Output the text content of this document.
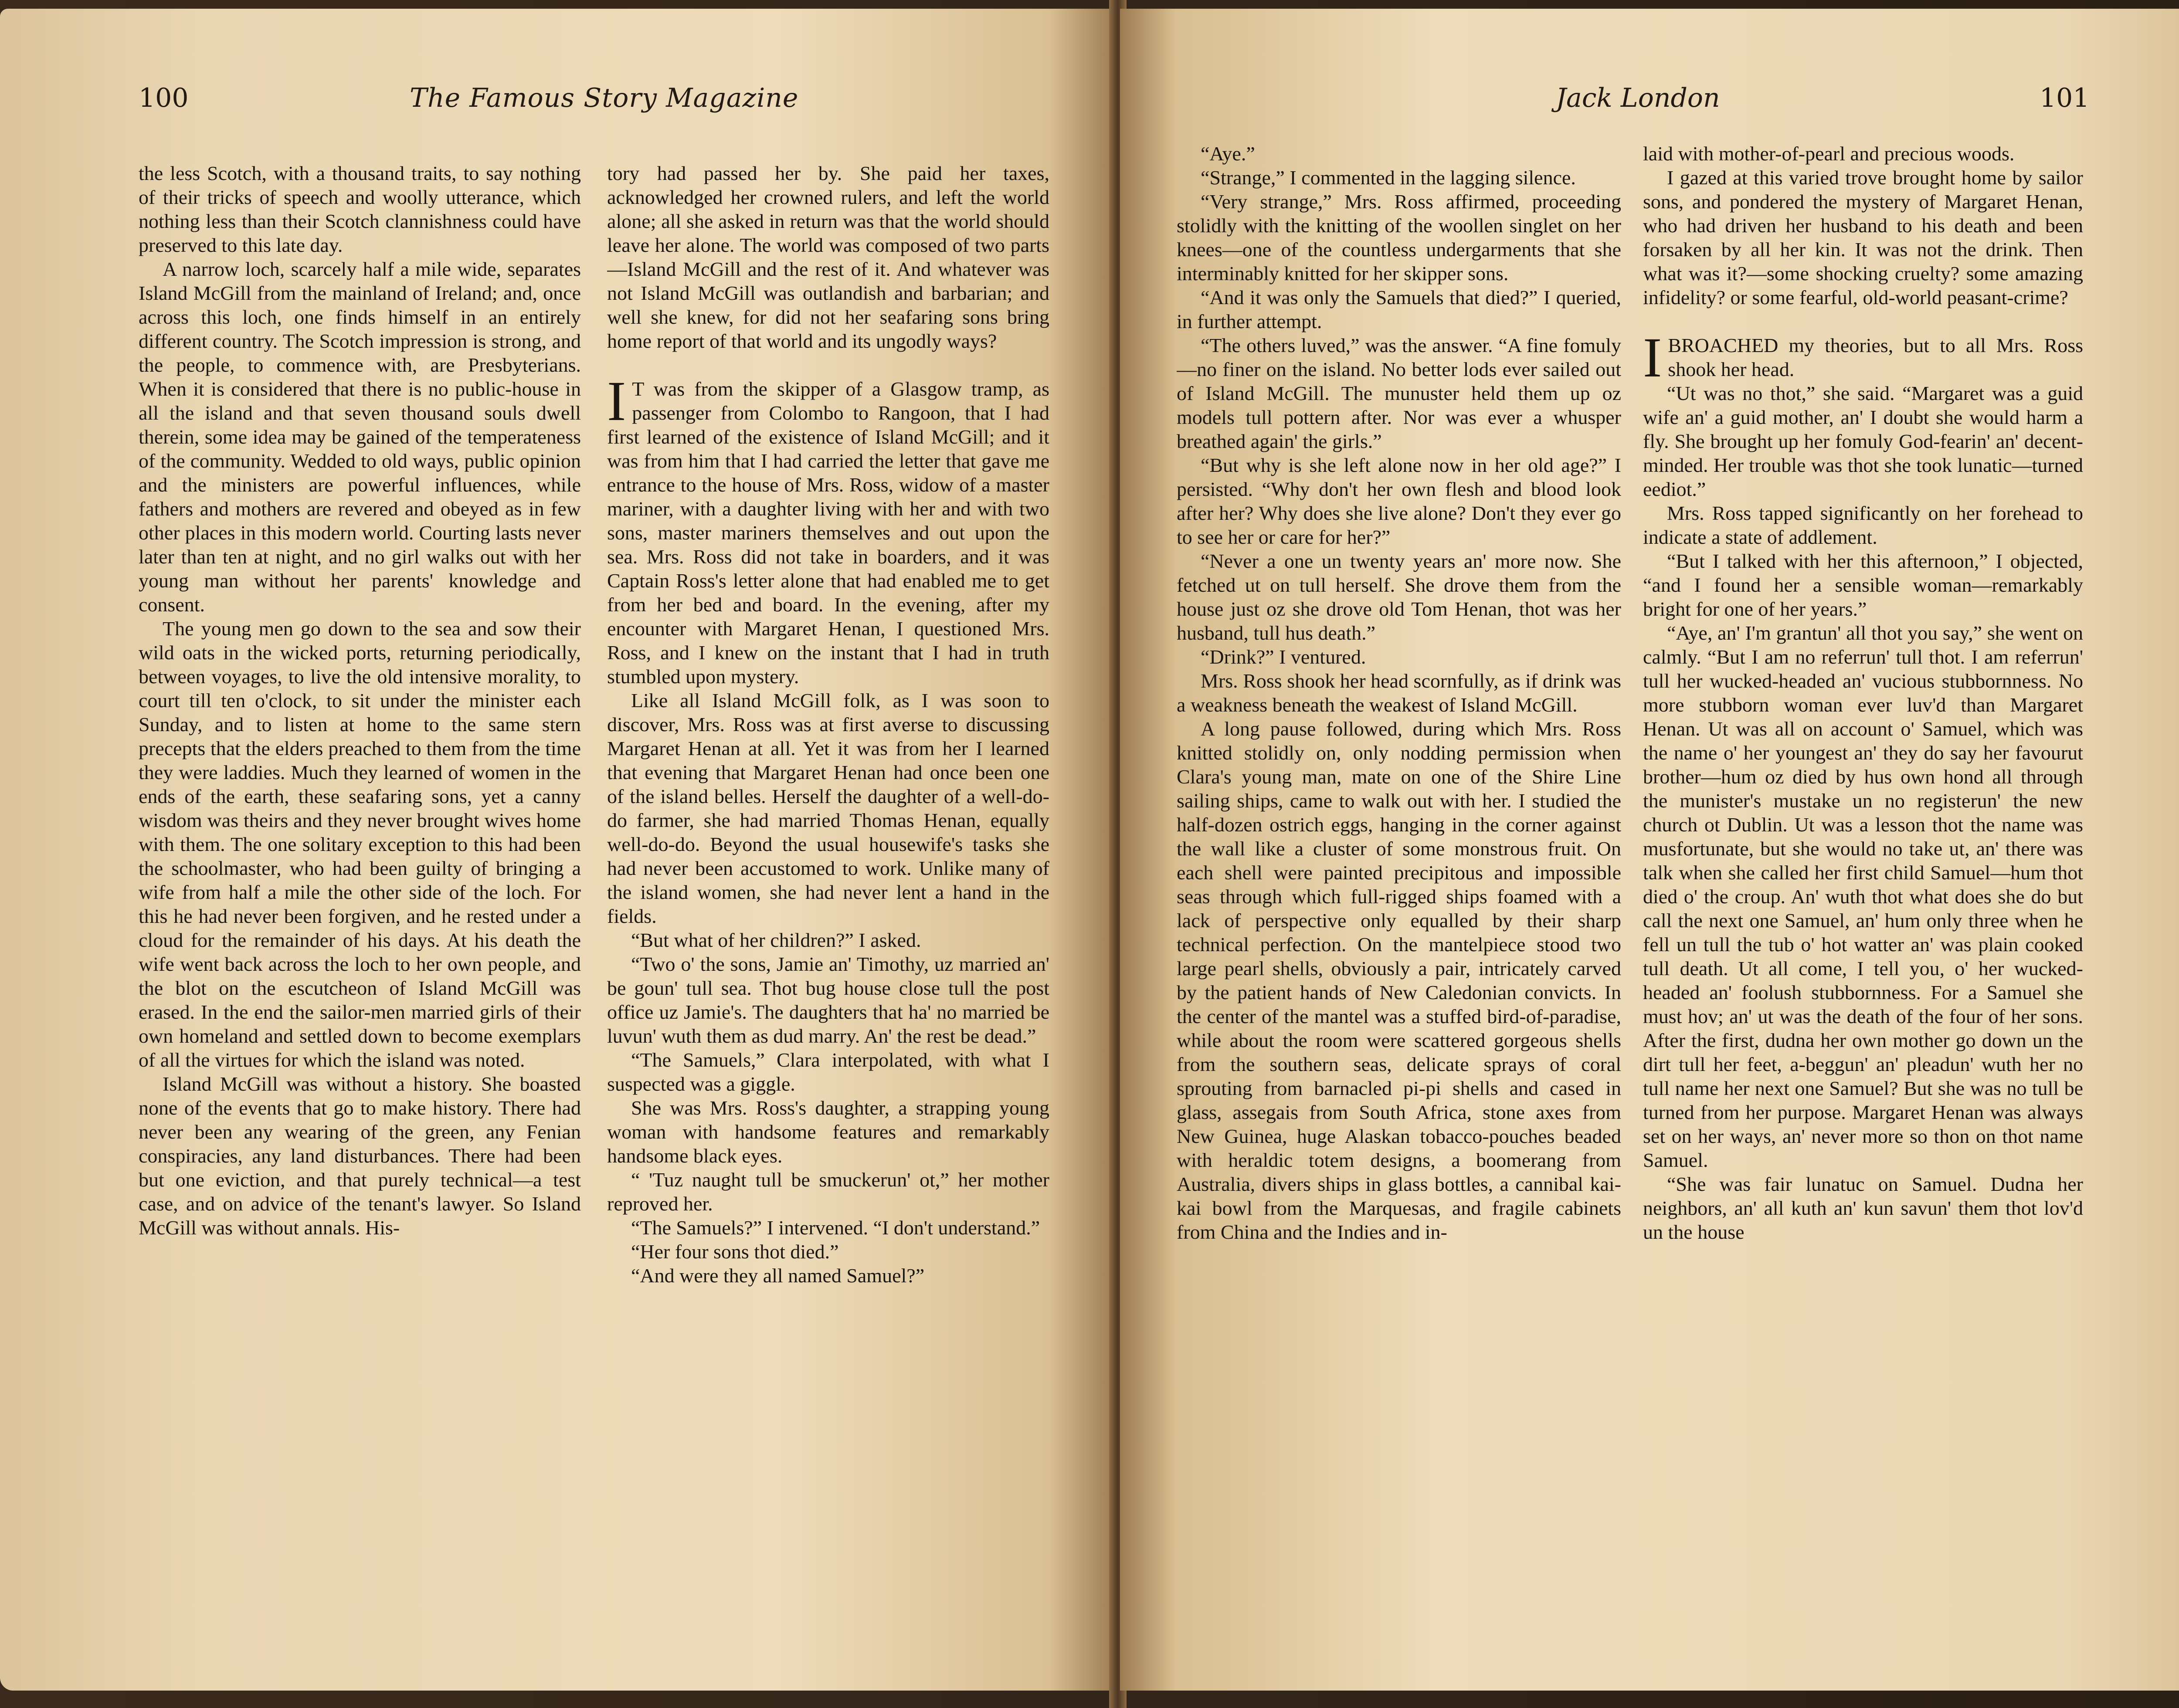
100	The Famous Story Magazine

the less Scotch, with a thousand traits, to say nothing of their tricks of speech and woolly utterance, which nothing less than their Scotch clannishness could have preserved to this late day.

A narrow loch, scarcely half a mile wide, separates Island McGill from the mainland of Ireland; and, once across this loch, one finds himself in an entirely different country. The Scotch impression is strong, and the people, to commence with, are Presbyterians. When it is considered that there is no public-house in all the island and that seven thousand souls dwell therein, some idea may be gained of the temperateness of the community. Wedded to old ways, public opinion and the ministers are powerful influences, while fathers and mothers are revered and obeyed as in few other places in this modern world. Courting lasts never later than ten at night, and no girl walks out with her young man without her parents' knowledge and consent.

The young men go down to the sea and sow their wild oats in the wicked ports, returning periodically, between voyages, to live the old intensive morality, to court till ten o'clock, to sit under the minister each Sunday, and to listen at home to the same stern precepts that the elders preached to them from the time they were laddies. Much they learned of women in the ends of the earth, these seafaring sons, yet a canny wisdom was theirs and they never brought wives home with them. The one solitary exception to this had been the schoolmaster, who had been guilty of bringing a wife from half a mile the other side of the loch. For this he had never been forgiven, and he rested under a cloud for the remainder of his days. At his death the wife went back across the loch to her own people, and the blot on the escutcheon of Island McGill was erased. In the end the sailor-men married girls of their own homeland and settled down to become exemplars of all the virtues for which the island was noted.

Island McGill was without a history. She boasted none of the events that go to make history. There had never been any wearing of the green, any Fenian conspiracies, any land disturbances. There had been but one eviction, and that purely technical—a test case, and on advice of the tenant's lawyer. So Island McGill was without annals. His-

tory had passed her by. She paid her taxes, acknowledged her crowned rulers, and left the world alone; all she asked in return was that the world should leave her alone. The world was composed of two parts—Island McGill and the rest of it. And whatever was not Island McGill was outlandish and barbarian; and well she knew, for did not her seafaring sons bring home report of that world and its ungodly ways?

I T was from the skipper of a Glasgow tramp, as passenger from Colombo to Rangoon, that I had first learned of the existence of Island McGill; and it was from him that I had carried the letter that gave me entrance to the house of Mrs. Ross, widow of a master mariner, with a daughter living with her and with two sons, master mariners themselves and out upon the sea. Mrs. Ross did not take in boarders, and it was Captain Ross's letter alone that had enabled me to get from her bed and board. In the evening, after my encounter with Margaret Henan, I questioned Mrs. Ross, and I knew on the instant that I had in truth stumbled upon mystery.

Like all Island McGill folk, as I was soon to discover, Mrs. Ross was at first averse to discussing Margaret Henan at all. Yet it was from her I learned that evening that Margaret Henan had once been one of the island belles. Herself the daughter of a well-do-do farmer, she had married Thomas Henan, equally well-do-do. Beyond the usual housewife's tasks she had never been accustomed to work. Unlike many of the island women, she had never lent a hand in the fields.

“But what of her children?” I asked.

“Two o' the sons, Jamie an' Timothy, uz married an' be goun' tull sea. Thot bug house close tull the post office uz Jamie's. The daughters that ha' no married be luvun' wuth them as dud marry. An' the rest be dead.”

“The Samuels,” Clara interpolated, with what I suspected was a giggle.

She was Mrs. Ross's daughter, a strapping young woman with handsome features and remarkably handsome black eyes.

“ 'Tuz naught tull be smuckerun' ot,” her mother reproved her.

“The Samuels?” I intervened. “I don't understand.”

“Her four sons thot died.”

“And were they all named Samuel?”

Jack London	101

“Aye.”

“Strange,” I commented in the lagging silence.

“Very strange,” Mrs. Ross affirmed, proceeding stolidly with the knitting of the woollen singlet on her knees—one of the countless undergarments that she interminably knitted for her skipper sons.

“And it was only the Samuels that died?” I queried, in further attempt.

“The others luved,” was the answer. “A fine fomuly—no finer on the island. No better lods ever sailed out of Island McGill. The munuster held them up oz models tull pottern after. Nor was ever a whusper breathed again' the girls.”

“But why is she left alone now in her old age?” I persisted. “Why don't her own flesh and blood look after her? Why does she live alone? Don't they ever go to see her or care for her?”

“Never a one un twenty years an' more now. She fetched ut on tull herself. She drove them from the house just oz she drove old Tom Henan, thot was her husband, tull hus death.”

“Drink?” I ventured.

Mrs. Ross shook her head scornfully, as if drink was a weakness beneath the weakest of Island McGill.

A long pause followed, during which Mrs. Ross knitted stolidly on, only nodding permission when Clara's young man, mate on one of the Shire Line sailing ships, came to walk out with her. I studied the half-dozen ostrich eggs, hanging in the corner against the wall like a cluster of some monstrous fruit. On each shell were painted precipitous and impossible seas through which full-rigged ships foamed with a lack of perspective only equalled by their sharp technical perfection. On the mantelpiece stood two large pearl shells, obviously a pair, intricately carved by the patient hands of New Caledonian convicts. In the center of the mantel was a stuffed bird-of-paradise, while about the room were scattered gorgeous shells from the southern seas, delicate sprays of coral sprouting from barnacled pi-pi shells and cased in glass, assegais from South Africa, stone axes from New Guinea, huge Alaskan tobacco-pouches beaded with heraldic totem designs, a boomerang from Australia, divers ships in glass bottles, a cannibal kai-kai bowl from the Marquesas, and fragile cabinets from China and the Indies and in-

laid with mother-of-pearl and precious woods.

I gazed at this varied trove brought home by sailor sons, and pondered the mystery of Margaret Henan, who had driven her husband to his death and been forsaken by all her kin. It was not the drink. Then what was it?—some shocking cruelty? some amazing infidelity? or some fearful, old-world peasant-crime?

IBROACHED my theories, but to all Mrs. Ross shook her head.

“Ut was no thot,” she said. “Margaret was a guid wife an' a guid mother, an' I doubt she would harm a fly. She brought up her fomuly God-fearin' an' decent-minded. Her trouble was thot she took lunatic—turned eediot.”

Mrs. Ross tapped significantly on her forehead to indicate a state of addlement.

“But I talked with her this afternoon,” I objected, “and I found her a sensible woman—remarkably bright for one of her years.”

“Aye, an' I'm grantun' all thot you say,” she went on calmly. “But I am no referrun' tull thot. I am referrun' tull her wucked-headed an' vucious stubbornness. No more stubborn woman ever luv'd than Margaret Henan. Ut was all on account o' Samuel, which was the name o' her youngest an' they do say her favourut brother—hum oz died by hus own hond all through the munister's mustake un no registerun' the new church ot Dublin. Ut was a lesson thot the name was musfortunate, but she would no take ut, an' there was talk when she called her first child Samuel—hum thot died o' the croup. An' wuth thot what does she do but call the next one Samuel, an' hum only three when he fell un tull the tub o' hot watter an' was plain cooked tull death. Ut all come, I tell you, o' her wucked-headed an' foolush stubbornness. For a Samuel she must hov; an' ut was the death of the four of her sons. After the first, dudna her own mother go down un the dirt tull her feet, a-beggun' an' pleadun' wuth her no tull name her next one Samuel? But she was no tull be turned from her purpose. Margaret Henan was always set on her ways, an' never more so thon on thot name Samuel.

“She was fair lunatuc on Samuel. Dudna her neighbors, an' all kuth an' kun savun' them thot lov'd un the house
